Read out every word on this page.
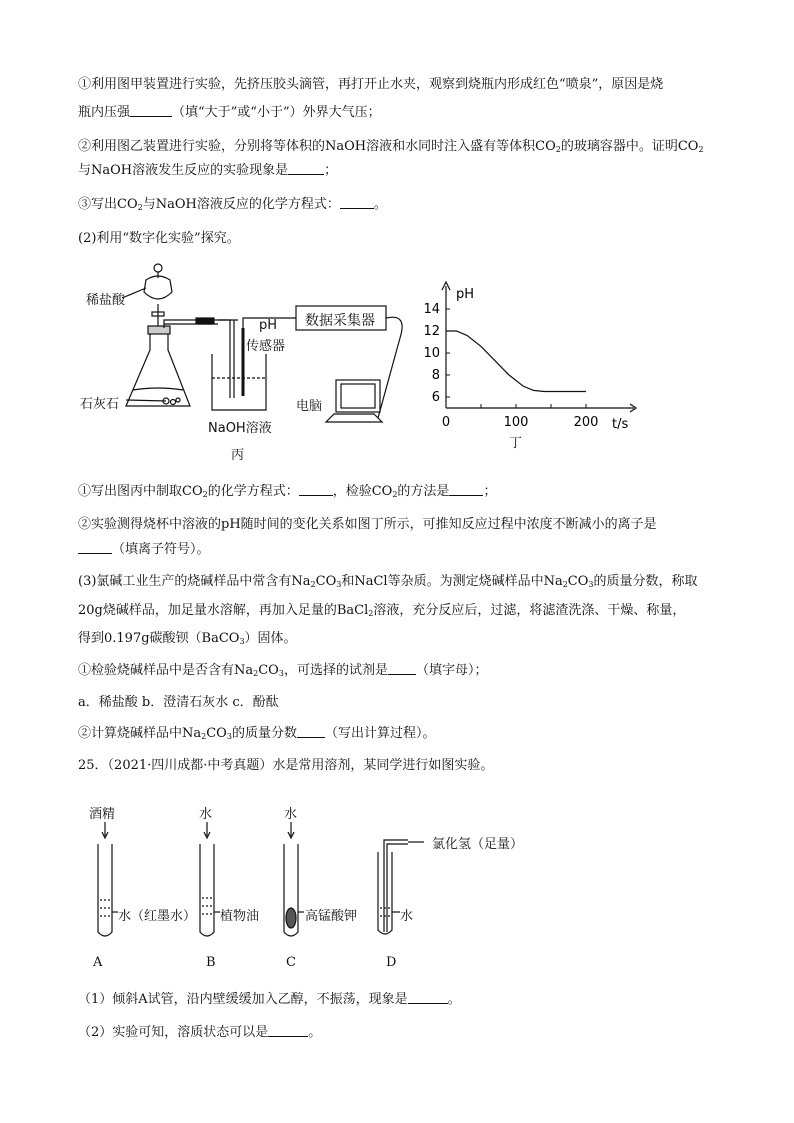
①利用图甲装置进行实验，先挤压胶头滴管，再打开止水夹，观察到烧瓶内形成红色“喷泉”，原因是烧
瓶内压强	（填“大于”或“小于”）外界大气压；
②利用图乙装置进行实验，分别将等体积的NaOH溶液和水同时注入盛有等体积$CO_2$的玻璃容器中。证明$CO_2$
与NaOH溶液发生反应的实验现象是	；
③写出$CO_2$与NaOH溶液反应的化学方程式：	。
(2)利用“数字化实验”探究。
稀盐酸
石灰石
pH
传感器
数据采集器
电脑
NaOH溶液
丙
6
8
10
12
14
0	100	200
pH
t/s
丁
①写出图丙中制取$CO_2$的化学方程式：	，检验$CO_2$的方法是	；
②实验测得烧杯中溶液的pH随时间的变化关系如图丁所示，可推知反应过程中浓度不断减小的离子是
（填离子符号）。
(3)氯碱工业生产的烧碱样品中常含有$Na_2CO_3$和NaCl等杂质。为测定烧碱样品中$Na_2CO_3$的质量分数，称取
20g烧碱样品，加足量水溶解，再加入足量的BaCl$_2$溶液，充分反应后，过滤，将滤渣洗涤、干燥、称量，
得到0.197g碳酸钡（BaCO$_3$）固体。
①检验烧碱样品中是否含有$Na_2CO_3$，可选择的试剂是 （填字母）；
a．稀盐酸 b．澄清石灰水 c．酚酞
②计算烧碱样品中$Na_2CO_3$的质量分数 （写出计算过程）。
25．（2021·四川成都·中考真题）水是常用溶剂，某同学进行如图实验。
酒精	水	水
氯化氢（足量）
水（红墨水） 植物油	高锰酸钾	水
A	B	C	D
（1）倾斜A试管，沿内壁缓缓加入乙醇，不振荡，现象是	。
（2）实验可知，溶质状态可以是	。
